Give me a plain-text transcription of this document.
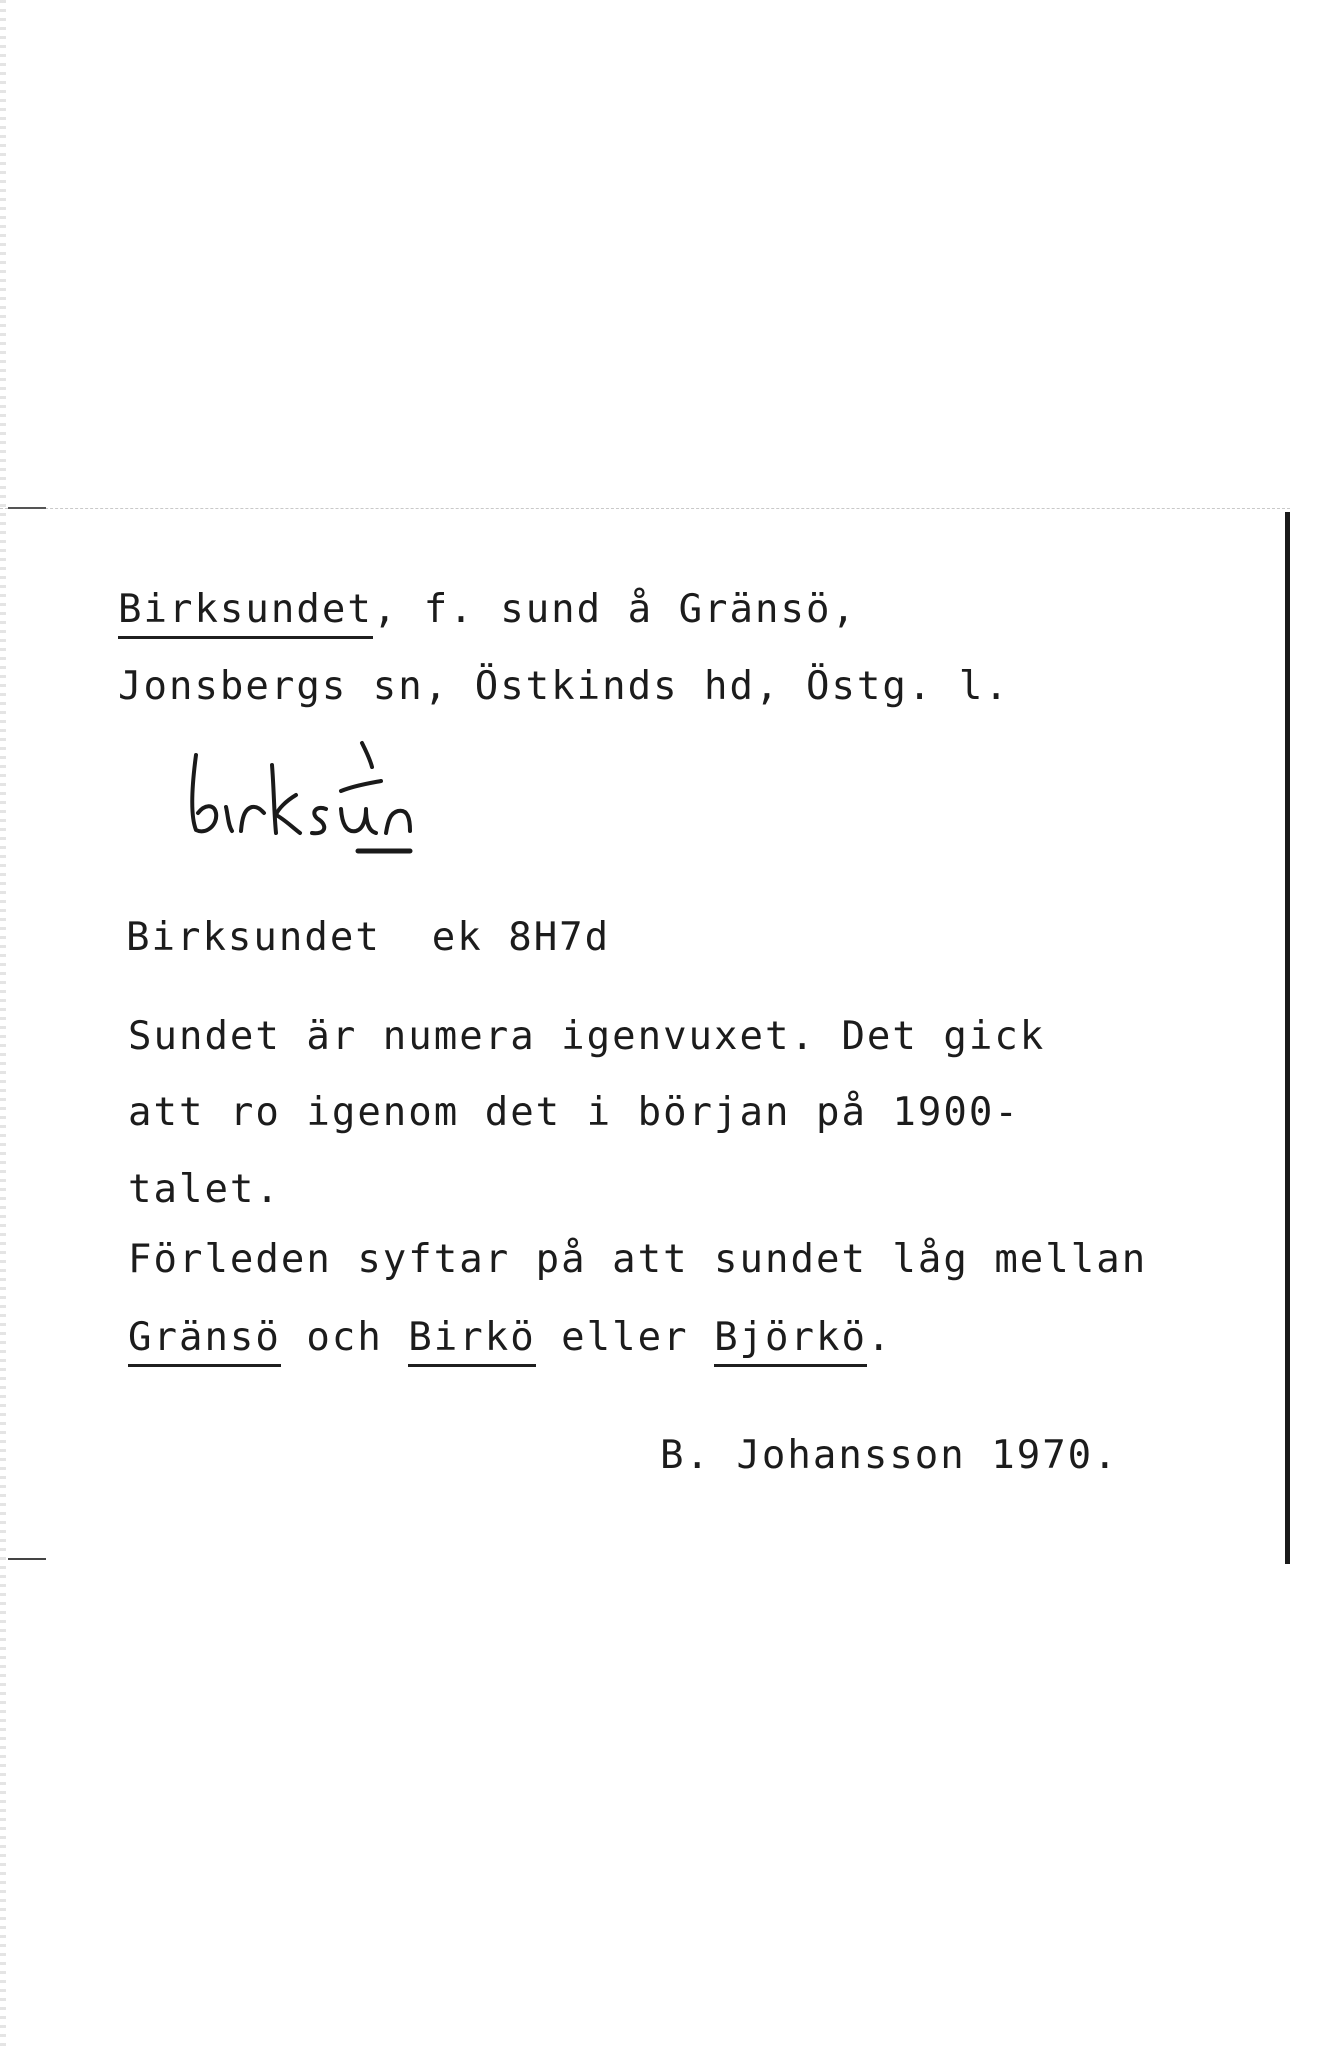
Birksundet, f. sund å Gränsö,
Jonsbergs sn, Östkinds hd, Östg. l.
Birksundet ek 8H7d
Sundet är numera igenvuxet. Det gick
att ro igenom det i början på 1900-
talet.
Förleden syftar på att sundet låg mellan
Gränsö och Birkö eller Björkö.
B. Johansson 1970.
